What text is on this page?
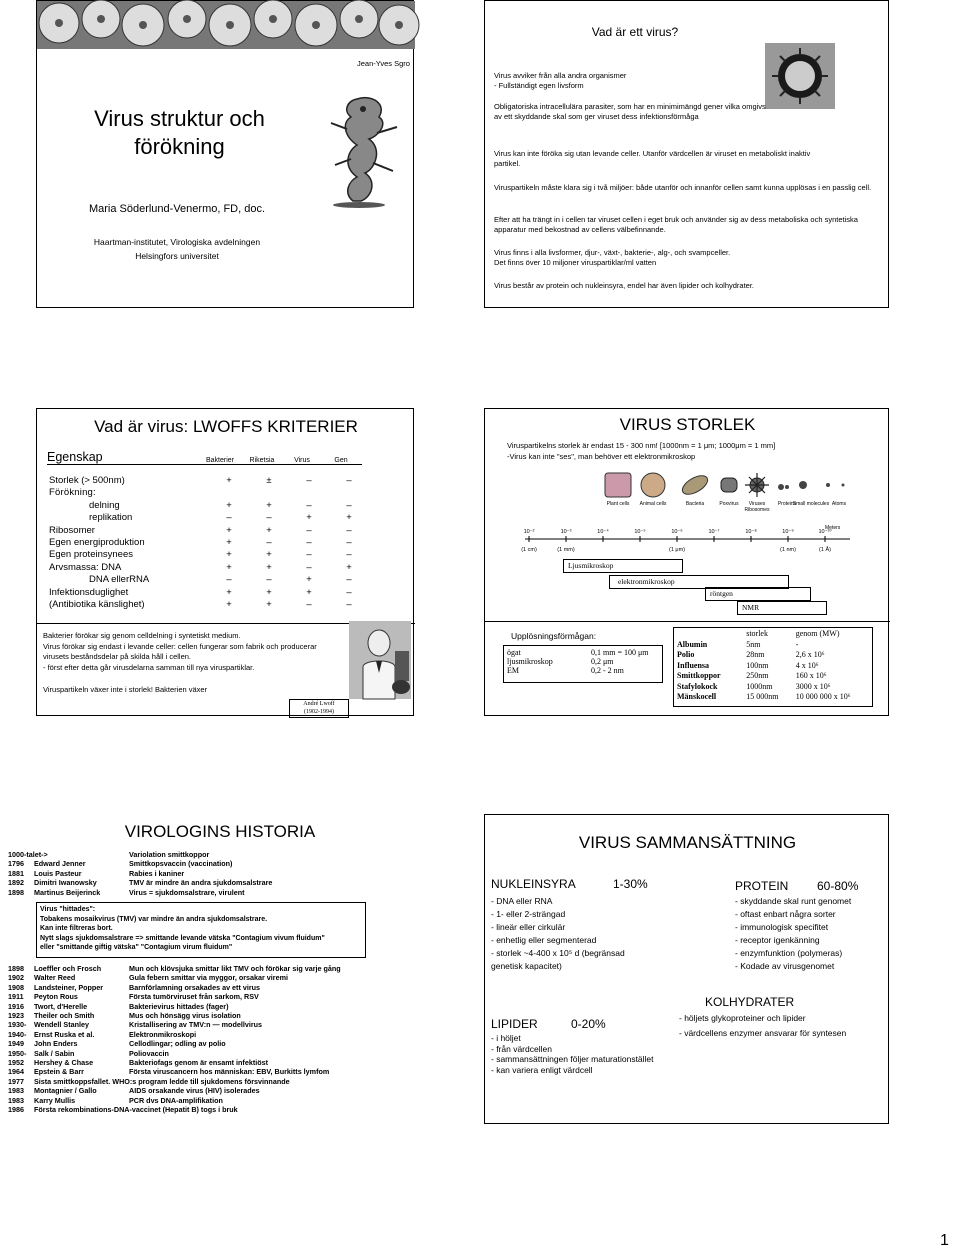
Jean-Yves Sgro
Virus struktur och förökning
Maria Söderlund-Venermo, FD, doc.
Haartman-institutet, Virologiska avdelningen
Helsingfors universitet
Vad är ett virus?
Virus avviker från alla andra organismer
- Fullständigt egen livsform
Obligatoriska intracellulära parasiter, som har en minimimängd gener vilka omgivs av ett skyddande skal som ger viruset dess infektionsförmåga
Virus kan inte föröka sig utan levande celler. Utanför värdcellen är viruset en metaboliskt inaktiv partikel.
Viruspartikeln måste klara sig i två miljöer: både utanför och innanför cellen samt kunna upplösas i en passlig cell.
Efter att ha trängt in i cellen tar viruset cellen i eget bruk och använder sig av dess metaboliska och syntetiska apparatur med bekostnad av cellens välbefinnande.
Virus finns i alla livsformer, djur-, växt-, bakterie-, alg-, och svampceller.
Det finns över 10 miljoner viruspartiklar/ml vatten
Virus består av protein och nukleinsyra, endel har även lipider och kolhydrater.
Vad är virus: LWOFFS KRITERIER
Egenskap	Bakterier	Riketsia	Virus	Gen
Storlek (> 500nm)	+	±	–	–
Förökning:
delning	+	+	–	–
replikation	–	–	+	+
Ribosomer	+	+	–	–
Egen energiproduktion	+	–	–	–
Egen proteinsynees	+	+	–	–
Arvsmassa: DNA	+	+	–	+
DNA ellerRNA	–	–	+	–
Infektionsduglighet	+	+	+	–
(Antibiotika känslighet)	+	+	–	–
Bakterier förökar sig genom celldelning i syntetiskt medium.
Virus förökar sig endast i levande celler: cellen fungerar som fabrik och producerar virusets beståndsdelar på skilda håll i cellen.
- först efter detta går virusdelarna samman till nya viruspartiklar.
Viruspartikeln växer inte i storlek! Bakterien växer
André Lwoff
(1902-1994)
VIRUS STORLEK
Viruspartikelns storlek är endast 15 - 300 nm! [1000nm = 1 μm; 1000μm = 1 mm]
-Virus kan inte "ses", man behöver ett elektronmikroskop
Plant cells Animal cells	Bacteria	Poxvirus Viruses
Ribosomes
Proteins
Small molecules Atoms
Meters
10⁻²
(1 cm)
10⁻³
(1 mm)
10⁻⁴	10⁻⁵	10⁻⁶
(1 μm)
10⁻⁷	10⁻⁸	10⁻⁹
(1 nm)
10⁻¹⁰
(1 Å)
Ljusmikroskop
elektronmikroskop
röntgen
NMR
Upplösningsförmågan:
ögat	0,1 mm = 100 μm
ljusmikroskop	0,2 μm
EM	0,2 - 2 nm
	storlek	genom (MW)
Albumin	5nm	-
Polio	28nm	2,6 x 10⁶
Influensa	100nm	4 x 10⁶
Smittkoppor	250nm	160 x 10⁶
Stafylokock	1000nm	3000 x 10⁶
Mänskocell	15 000nm	10 000 000 x 10⁶
VIROLOGINS HISTORIA
1000-talet->	Variolation smittkoppor
1796	Edward Jenner	Smittkopsvaccin (vaccination)
1881	Louis Pasteur	Rabies i kaniner
1892	Dimitri Iwanowsky	TMV är mindre än andra sjukdomsalstrare
1898	Martinus Beijerinck	Virus = sjukdomsalstrare, virulent
Virus "hittades":
Tobakens mosaikvirus (TMV) var mindre än andra sjukdomsalstrare.
Kan inte filtreras bort.
Nytt slags sjukdomsalstrare => smittande levande vätska "Contagium vivum fluidum"
eller "smittande giftig vätska" "Contagium virum fluidum"
1898	Loeffler och Frosch	Mun och klövsjuka smittar likt TMV och förökar sig varje gång
1902	Walter Reed	Gula febern smittar via myggor, orsakar viremi
1908	Landsteiner, Popper	Barnförlamning orsakades av ett virus
1911	Peyton Rous	Första tumörviruset från sarkom, RSV
1916	Twort, d'Herelle	Bakterievirus hittades (fager)
1923	Theiler och Smith	Mus och hönsägg virus isolation
1930-	Wendell Stanley	Kristallisering av TMV:n — modellvirus
1940-	Ernst Ruska et al.	Elektronmikroskopi
1949	John Enders	Cellodlingar; odling av polio
1950-	Salk / Sabin	Poliovaccin
1952	Hershey & Chase	Bakteriofags genom är ensamt infektiöst
1964	Epstein & Barr	Första viruscancern hos människan: EBV, Burkitts lymfom
1977	Sista smittkoppsfallet. WHO:s program ledde till sjukdomens försvinnande
1983	Montagnier / Gallo	AIDS orsakande virus (HIV) isolerades
1983	Karry Mullis	PCR dvs DNA-amplifikation
1986	Första rekombinations-DNA-vaccinet (Hepatit B) togs i bruk
VIRUS SAMMANSÄTTNING
NUKLEINSYRA	1-30%
- DNA eller RNA
- 1- eller 2-strängad
- lineär eller cirkulär
- enhetlig eller segmenterad
- storlek ~4-400 x 10⁵ d (begränsad
genetisk kapacitet)
PROTEIN 60-80%
- skyddande skal runt genomet
- oftast enbart några sorter
- immunologisk specifitet
- receptor igenkänning
- enzymfunktion (polymeras)
- Kodade av virusgenomet
KOLHYDRATER
- höljets glykoproteiner och lipider
- värdcellens enzymer ansvarar för syntesen
LIPIDER	0-20%
- i höljet
- från värdcellen
- sammansättningen följer maturationstället
- kan variera enligt värdcell
1
